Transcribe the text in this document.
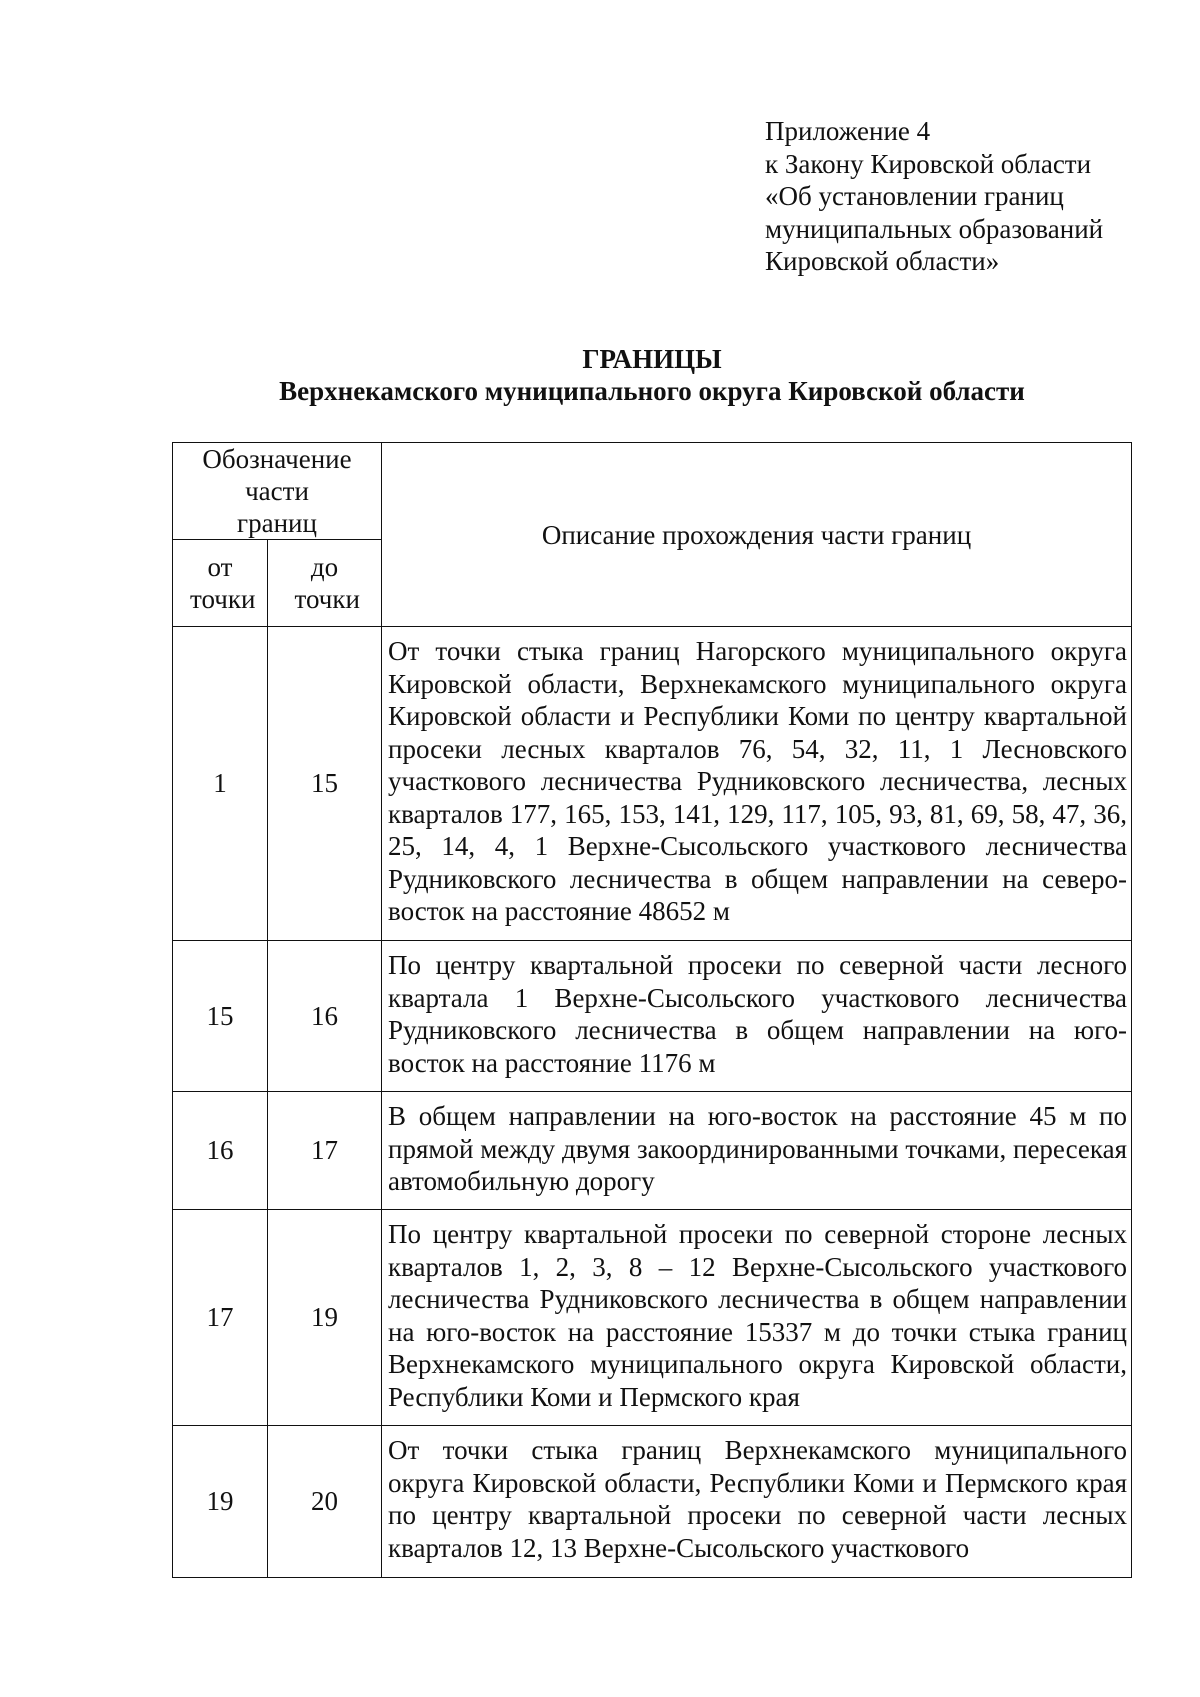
Приложение 4
к Закону Кировской области
«Об установлении границ
муниципальных образований
Кировской области»
ГРАНИЦЫ
Верхнекамского муниципального округа Кировской области
Обозначение части границ		Описание прохождения части границ

от точки	до точки	

1	15	От точки стыка границ Нагорского муниципального округа Кировской области, Верхнекамского муниципального округа Кировской области и Республики Коми по центру квартальной просеки лесных кварталов 76, 54, 32, 11, 1 Лесновского участкового лесничества Рудниковского лесничества, лесных кварталов 177, 165, 153, 141, 129, 117, 105, 93, 81, 69, 58, 47, 36, 25, 14, 4, 1 Верхне-Сысольского участкового лесничества Рудниковского лесничества в общем направлении на северо-восток на расстояние 48652 м
15	16	По центру квартальной просеки по северной части лесного квартала 1 Верхне-Сысольского участкового лесничества Рудниковского лесничества в общем направлении на юго-восток на расстояние 1176 м
16	17	В общем направлении на юго-восток на расстояние 45 м по прямой между двумя закоординированными точками, пересекая автомобильную дорогу
17	19	По центру квартальной просеки по северной стороне лесных кварталов 1, 2, 3, 8 – 12 Верхне-Сысольского участкового лесничества Рудниковского лесничества в общем направлении на юго-восток на расстояние 15337 м до точки стыка границ Верхнекамского муниципального округа Кировской области, Республики Коми и Пермского края
19	20	От точки стыка границ Верхнекамского муниципального округа Кировской области, Республики Коми и Пермского края по центру квартальной просеки по северной части лесных кварталов 12, 13 Верхне-Сысольского участкового
